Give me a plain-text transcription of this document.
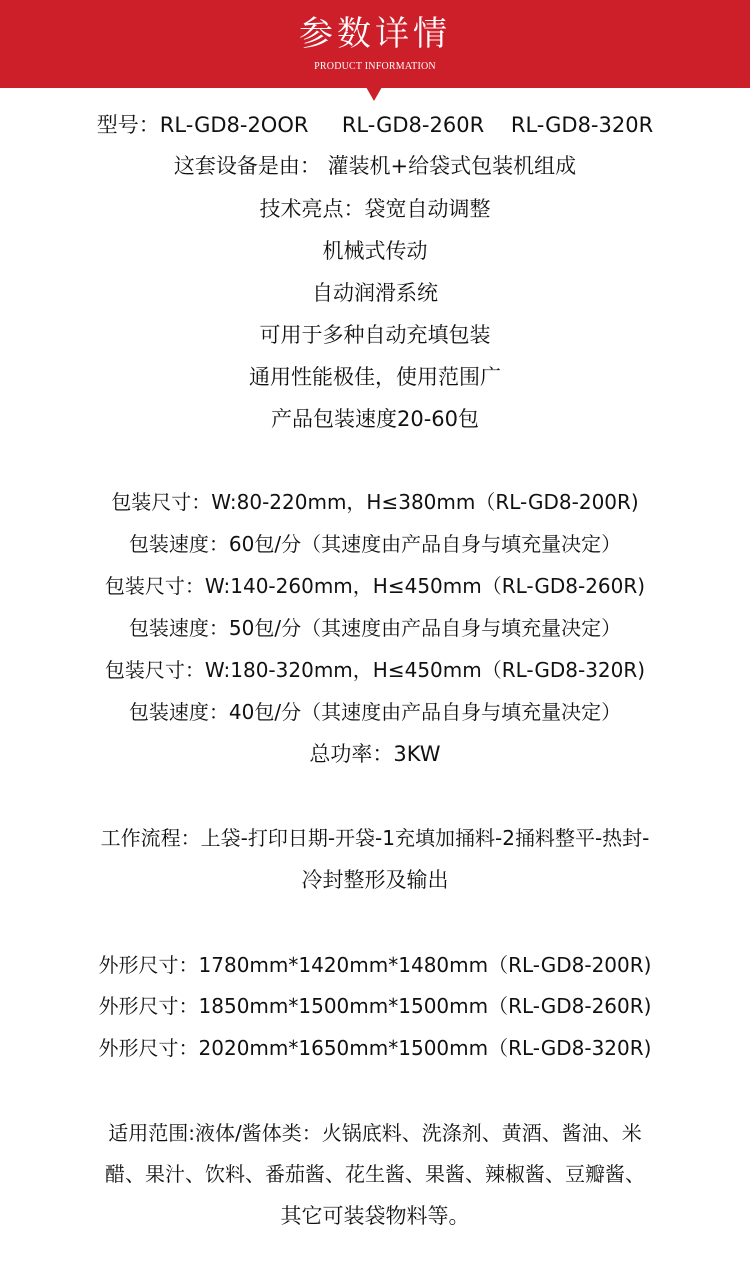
参数详情
PRODUCT INFORMATION
型号：RL-GD8-2OOR     RL-GD8-260R    RL-GD8-320R
这套设备是由： 灌装机+给袋式包装机组成
技术亮点：袋宽自动调整
机械式传动
自动润滑系统
可用于多种自动充填包装
通用性能极佳，使用范围广
产品包装速度20-60包
包装尺寸：W:80-220mm，H≤380mm（RL-GD8-200R)
包装速度：60包/分（其速度由产品自身与填充量决定）
包装尺寸：W:140-260mm，H≤450mm（RL-GD8-260R)
包装速度：50包/分（其速度由产品自身与填充量决定）
包装尺寸：W:180-320mm，H≤450mm（RL-GD8-320R)
包装速度：40包/分（其速度由产品自身与填充量决定）
总功率：3KW
工作流程：上袋-打印日期-开袋-1充填加捅料-2捅料整平-热封-
冷封整形及输出
外形尺寸：1780mm*1420mm*1480mm（RL-GD8-200R)
外形尺寸：1850mm*1500mm*1500mm（RL-GD8-260R)
外形尺寸：2020mm*1650mm*1500mm（RL-GD8-320R)
适用范围:液体/酱体类：火锅底料、洗涤剂、黄酒、酱油、米
醋、果汁、饮料、番茄酱、花生酱、果酱、辣椒酱、豆瓣酱、
其它可装袋物料等。
